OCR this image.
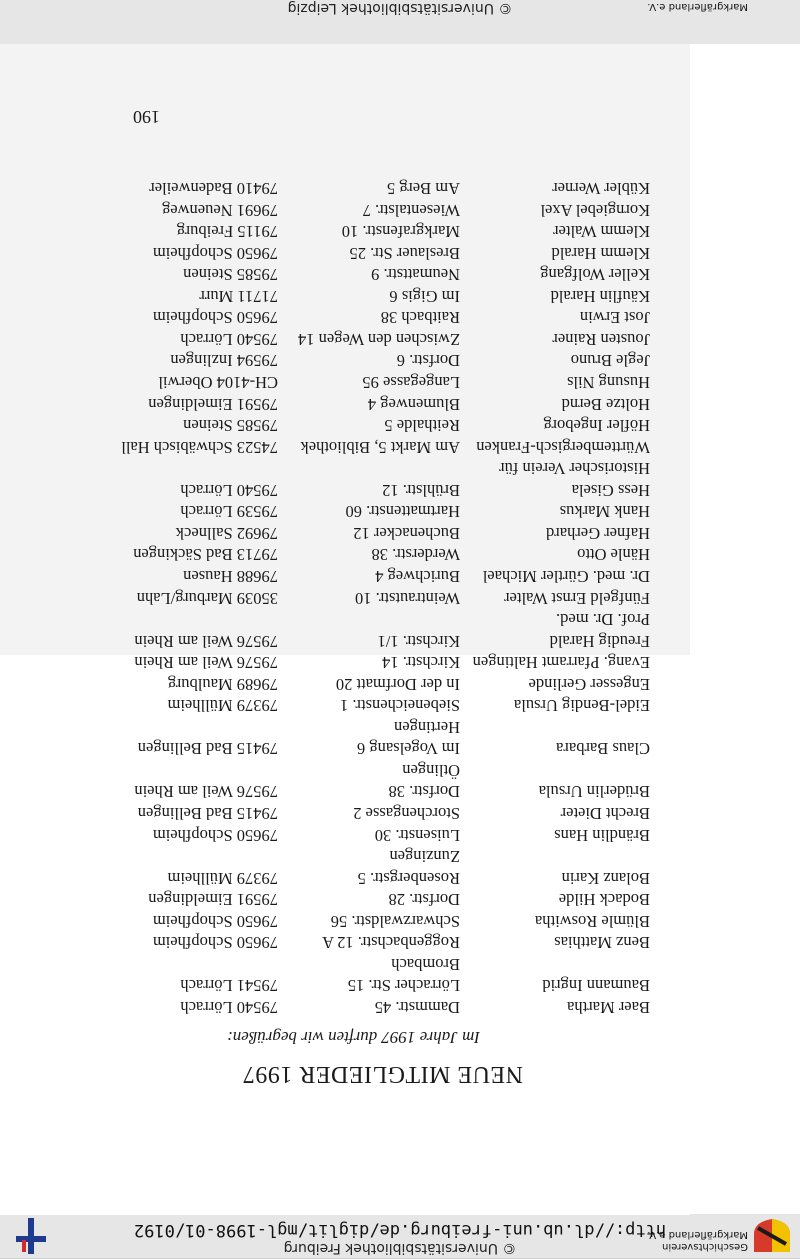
Geschichtsverein
Markgräflerland e.V.
© Universitätsbibliothek Freiburg
http://dl.ub.uni-freiburg.de/diglit/mgl-1998-01/0192
NEUE MITGLIEDER 1997
Im Jahre 1997 durften wir begrüßen:
Baer Martha
Dammstr. 45
79540 Lörrach
Baumann Ingrid
Lörracher Str. 15
79541 Lörrach
Brombach
Benz Matthias
Roggenbachstr. 12 A
79650 Schopfheim
Blümle Roswitha
Schwarzwaldstr. 56
79650 Schopfheim
Bodack Hilde
Dorfstr. 28
79591 Eimeldingen
Bolanz Karin
Rosenbergstr. 5
79379 Müllheim
Zunzingen
Brändlin Hans
Luisenstr. 30
79650 Schopfheim
Brecht Dieter
Storchengasse 2
79415 Bad Bellingen
Brüderlin Ursula
Dorfstr. 38
79576 Weil am Rhein
Ötlingen
Claus Barbara
Im Vogelsang 6
79415 Bad Bellingen
Hertingen
Eidel-Bendig Ursula
Siebeneichenstr. 1
79379 Müllheim
Engesser Gerlinde
In der Dorfmatt 20
79689 Maulburg
Evang. Pfarramt Haltingen
Kirchstr. 14
79576 Weil am Rhein
Freudig Harald
Kirchstr. 1/1
79576 Weil am Rhein
Prof. Dr. med.
Fünfgeld Ernst Walter
Weintrautstr. 10
35039 Marburg/Lahn
Dr. med. Gürtler Michael
Burichweg 4
79688 Hausen
Hänle Otto
Werderstr. 38
79713 Bad Säckingen
Hafner Gerhard
Buchenacker 12
79692 Sallneck
Hank Markus
Hartmattenstr. 60
79539 Lörrach
Hess Gisela
Brühlstr. 12
79540 Lörrach
Historischer Verein für
Württembergisch-Franken
Am Markt 5, Bibliothek
74523 Schwäbisch Hall
Höfler Ingeborg
Reithalde 5
79585 Steinen
Holtze Bernd
Blumenweg 4
79591 Eimeldingen
Husung Nils
Langegasse 95
CH-4104 Oberwil
Jegle Bruno
Dorfstr. 6
79594 Inzlingen
Jousten Rainer
Zwischen den Wegen 14
79540 Lörrach
Jost Erwin
Raitbach 38
79650 Schopfheim
Käuflin Harald
Im Gigis 6
71711 Murr
Keller Wolfgang
Neumattstr. 9
79585 Steinen
Klemm Harald
Breslauer Str. 25
79650 Schopfheim
Klemm Walter
Markgrafenstr. 10
79115 Freiburg
Korngiebel Axel
Wiesentalstr. 7
79691 Neuenweg
Kübler Werner
Am Berg 5
79410 Badenweiler
190
© Universitätsbibliothek Leipzig	Markgräflerland e.V.
